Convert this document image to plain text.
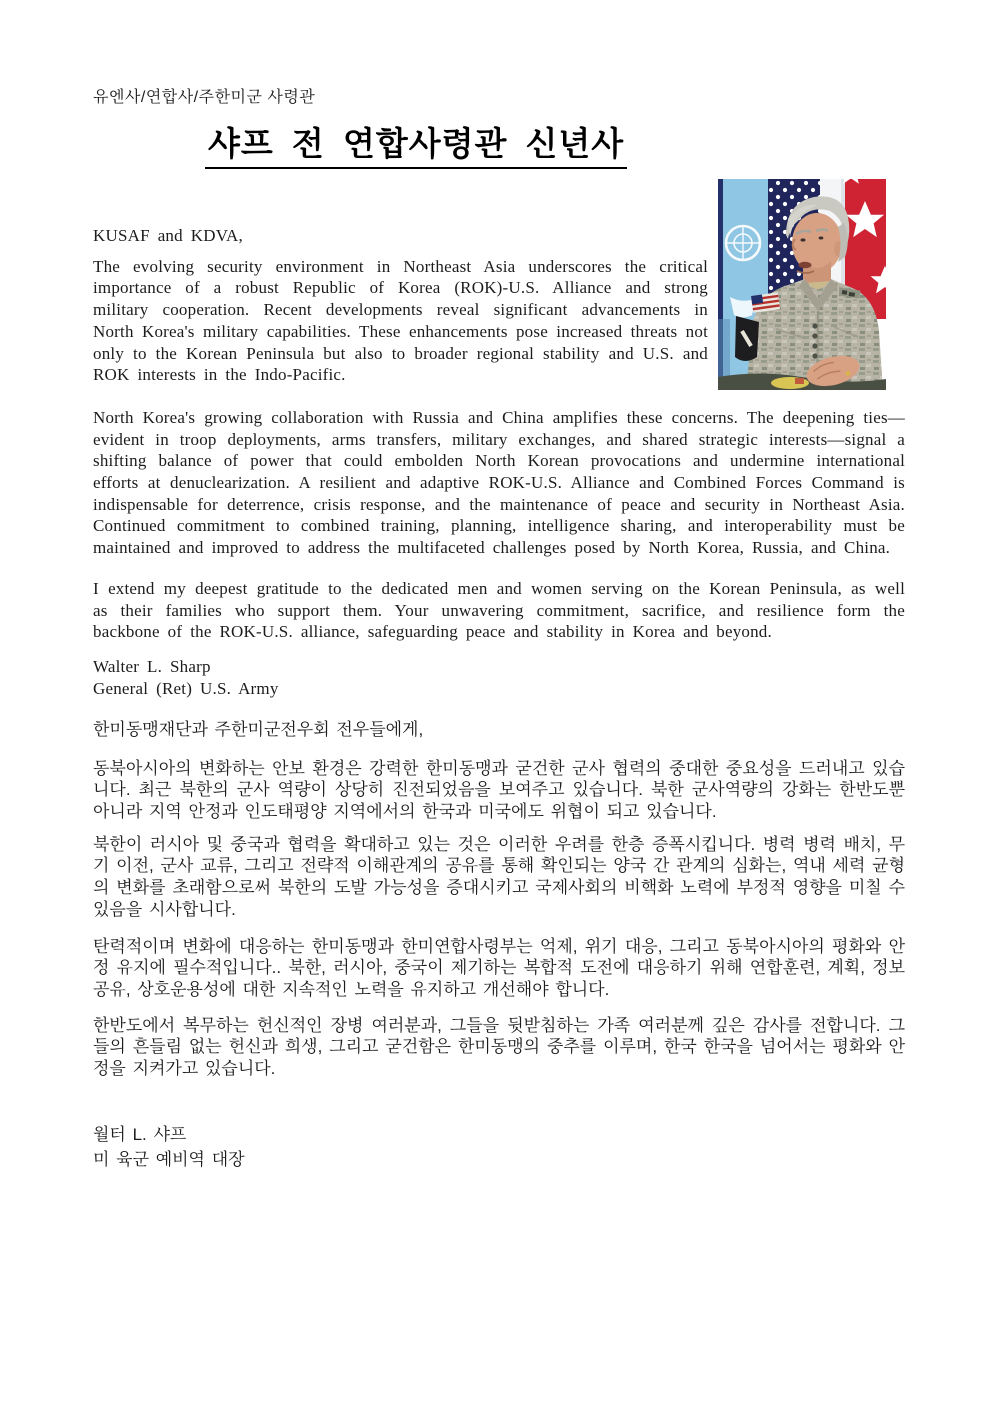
유엔사/연합사/주한미군 사령관
샤프 전 연합사령관 신년사

KUSAF and KDVA,

The evolving security environment in Northeast Asia underscores the critical importance of a robust Republic of Korea (ROK)-U.S. Alliance and strong military cooperation. Recent developments reveal significant advancements in North Korea's military capabilities. These enhancements pose increased threats not only to the Korean Peninsula but also to broader regional stability and U.S. and ROK interests in the Indo-Pacific.

North Korea's growing collaboration with Russia and China amplifies these concerns. The deepening ties—evident in troop deployments, arms transfers, military exchanges, and shared strategic interests—signal a shifting balance of power that could embolden North Korean provocations and undermine international efforts at denuclearization. A resilient and adaptive ROK-U.S. Alliance and Combined Forces Command is indispensable for deterrence, crisis response, and the maintenance of peace and security in Northeast Asia. Continued commitment to combined training, planning, intelligence sharing, and interoperability must be maintained and improved to address the multifaceted challenges posed by North Korea, Russia, and China.

I extend my deepest gratitude to the dedicated men and women serving on the Korean Peninsula, as well as their families who support them. Your unwavering commitment, sacrifice, and resilience form the backbone of the ROK-U.S. alliance, safeguarding peace and stability in Korea and beyond.

Walter L. Sharp
General (Ret) U.S. Army

한미동맹재단과 주한미군전우회 전우들에게,

동북아시아의 변화하는 안보 환경은 강력한 한미동맹과 굳건한 군사 협력의 중대한 중요성을 드러내고 있습니다. 최근 북한의 군사 역량이 상당히 진전되었음을 보여주고 있습니다. 북한 군사역량의 강화는 한반도뿐 아니라 지역 안정과 인도태평양 지역에서의 한국과 미국에도 위협이 되고 있습니다.

북한이 러시아 및 중국과 협력을 확대하고 있는 것은 이러한 우려를 한층 증폭시킵니다. 병력 병력 배치, 무기 이전, 군사 교류, 그리고 전략적 이해관계의 공유를 통해 확인되는 양국 간 관계의 심화는, 역내 세력 균형의 변화를 초래함으로써 북한의 도발 가능성을 증대시키고 국제사회의 비핵화 노력에 부정적 영향을 미칠 수 있음을 시사합니다.

탄력적이며 변화에 대응하는 한미동맹과 한미연합사령부는 억제, 위기 대응, 그리고 동북아시아의 평화와 안정 유지에 필수적입니다.. 북한, 러시아, 중국이 제기하는 복합적 도전에 대응하기 위해 연합훈련, 계획, 정보공유, 상호운용성에 대한 지속적인 노력을 유지하고 개선해야 합니다.

한반도에서 복무하는 헌신적인 장병 여러분과, 그들을 뒷받침하는 가족 여러분께 깊은 감사를 전합니다. 그들의 흔들림 없는 헌신과 희생, 그리고 굳건함은 한미동맹의 중추를 이루며, 한국 한국을 넘어서는 평화와 안정을 지켜가고 있습니다.

월터 L. 샤프
미 육군 예비역 대장
